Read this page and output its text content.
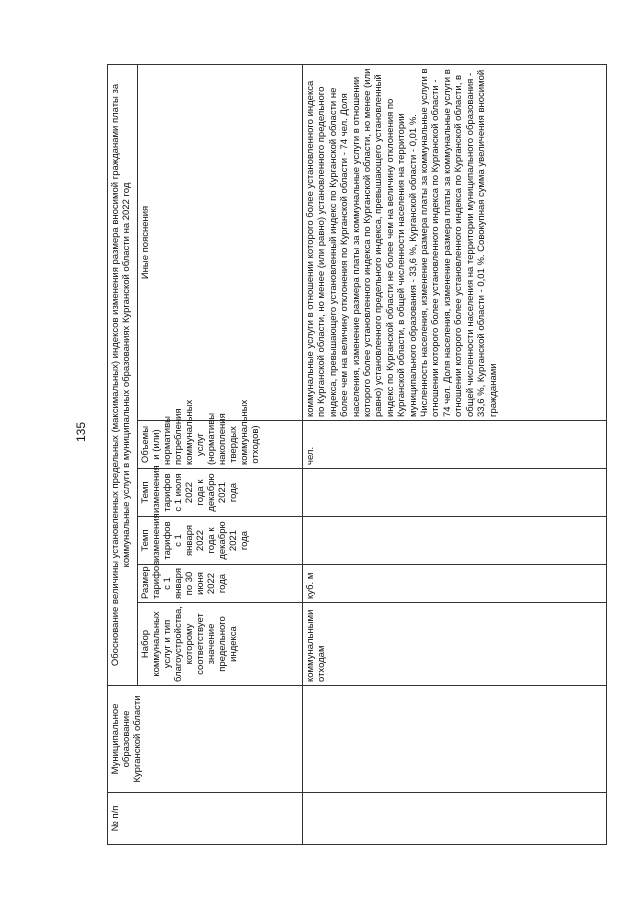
135
№ п/п	Муниципальное образование Курганской области	Обоснование величины установленных предельных (максимальных) индексов изменения размера вносимой гражданами платы за коммунальные услуги в муниципальных образованиях Курганской области на 2022 год					
		Набор коммунальных услуг и тип благоустройства, которому соответствует значение предельного индекса	Размер тарифов с 1 января по 30 июня 2022 года	Темп изменения тарифов с 1 января 2022 года к декабрю 2021 года	Темп изменения тарифов с 1 июля 2022 года к декабрю 2021 года	Объемы и (или) нормативы потребления коммунальных услуг (нормативы накопления твердых коммунальных отходов)	Иные пояснения
		коммунальными отходам	куб. м			чел.	коммунальные услуги в отношении которого более установленного индекса по Курганской области, но менее (или равно) установленного предельного индекса, превышающего установленный индекс по Курганской области не более чем на величину отклонения по Курганской области - 74 чел. Доля населения, изменение размера платы за коммунальные услуги в отношении которого более установленного индекса по Курганской области, но менее (или равно) установленного предельного индекса, превышающего установленный индекс по Курганской области не более чем на величину отклонения по Курганской области, в общей численности населения на территории муниципального образования - 33,6 %, Курганской области - 0,01 %. Численность населения, изменение размера платы за коммунальные услуги в отношении которого более установленного индекса по Курганской области - 74 чел. Доля населения, изменение размера платы за коммунальные услуги в отношении которого более установленного индекса по Курганской области, в общей численности населения на территории муниципального образования - 33,6 %, Курганской области - 0,01 %. Совокупная сумма увеличения вносимой гражданами
